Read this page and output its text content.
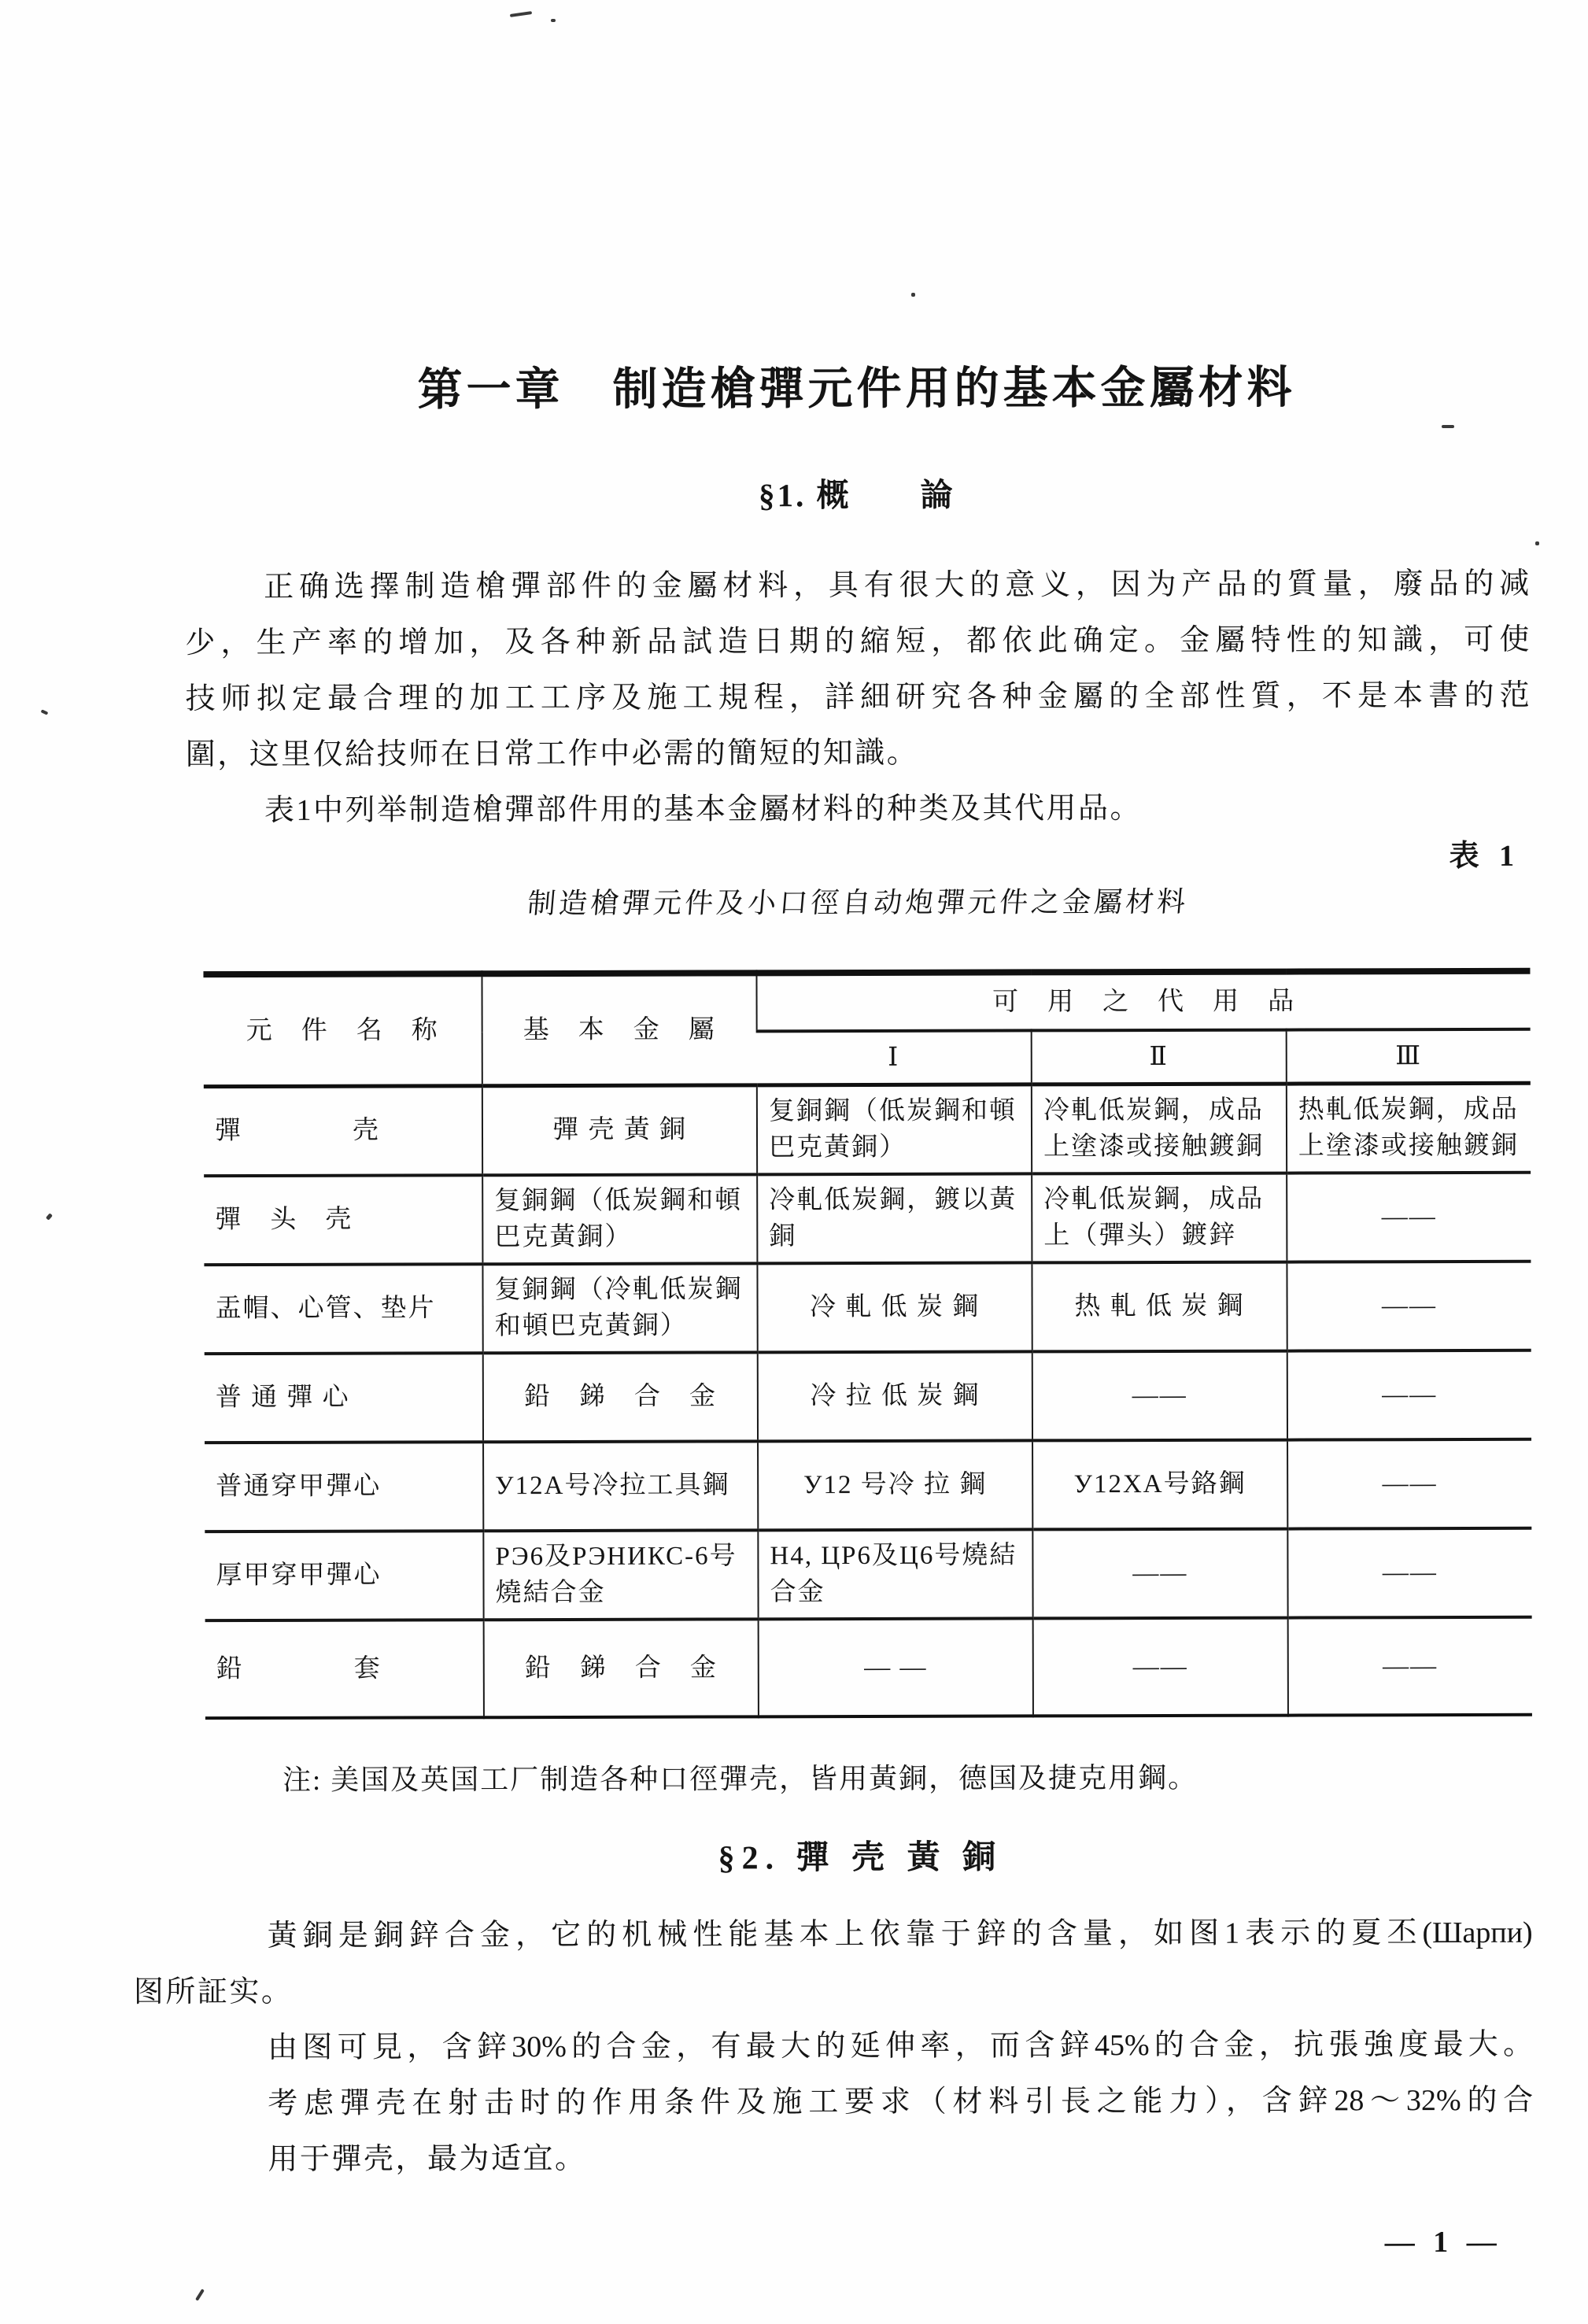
第一章　制造槍彈元件用的基本金屬材料
§1. 概　　論
正确选擇制造槍彈部件的金屬材料，具有很大的意义，因为产品的質量，廢品的减
少，生产率的增加，及各种新品試造日期的縮短，都依此确定。金屬特性的知識，可使
技师拟定最合理的加工工序及施工規程，詳細研究各种金屬的全部性質，不是本書的范
圍，这里仅給技师在日常工作中必需的簡短的知識。
表1中列举制造槍彈部件用的基本金屬材料的种类及其代用品。
表 1
制造槍彈元件及小口徑自动炮彈元件之金屬材料
元　件　名　称	基　本　金　屬	可　用　之　代　用　品		
		Ⅰ	Ⅱ	Ⅲ
彈　　　　壳	彈 壳 黃 銅	复銅鋼（低炭鋼和頓巴克黃銅）	冷軋低炭鋼，成品上塗漆或接触鍍銅	热軋低炭鋼，成品上塗漆或接触鍍銅
彈　头　壳	复銅鋼（低炭鋼和頓巴克黃銅）	冷軋低炭鋼，鍍以黃銅	冷軋低炭鋼，成品上（彈头）鍍鋅	——
盂帽、心管、垫片	复銅鋼（冷軋低炭鋼和頓巴克黃銅）	冷 軋 低 炭 鋼	热 軋 低 炭 鋼	——
普 通 彈 心	鉛　銻　合　金	冷 拉 低 炭 鋼	——	——
普通穿甲彈心	У12А号冷拉工具鋼	У12 号冷 拉 鋼	У12ХА号鉻鋼	——
厚甲穿甲彈心	РЭ6及РЭНИКС-6号燒結合金	Н4, ЦР6及Ц6号燒結合金	——	——
鉛　　　　套	鉛　銻　合　金	— —	——	——
注: 美国及英国工厂制造各种口徑彈壳，皆用黃銅，德国及捷克用鋼。
§2. 彈 壳 黃 銅
黃銅是銅鋅合金，它的机械性能基本上依靠于鋅的含量，如图1表示的夏丕(Шарпи)
图所証实。
由图可見，含鋅30%的合金，有最大的延伸率，而含鋅45%的合金，抗張強度最大。
考虑彈壳在射击时的作用条件及施工要求（材料引長之能力），含鋅28～32%的合
用于彈壳，最为适宜。
— 1 —
